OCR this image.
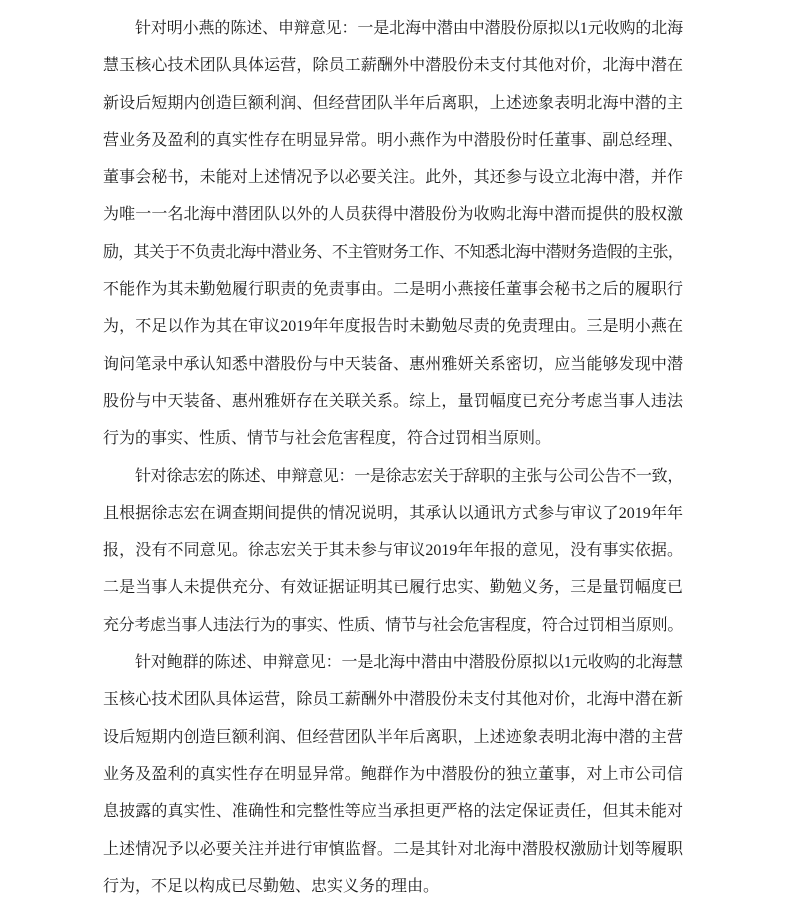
针对明小燕的陈述、申辩意见：一是北海中潜由中潜股份原拟以1元收购的北海
慧玉核心技术团队具体运营，除员工薪酬外中潜股份未支付其他对价，北海中潜在
新设后短期内创造巨额利润、但经营团队半年后离职，上述迹象表明北海中潜的主
营业务及盈利的真实性存在明显异常。明小燕作为中潜股份时任董事、副总经理、
董事会秘书，未能对上述情况予以必要关注。此外，其还参与设立北海中潜，并作
为唯一一名北海中潜团队以外的人员获得中潜股份为收购北海中潜而提供的股权激
励，其关于不负责北海中潜业务、不主管财务工作、不知悉北海中潜财务造假的主张，
不能作为其未勤勉履行职责的免责事由。二是明小燕接任董事会秘书之后的履职行
为，不足以作为其在审议2019年年度报告时未勤勉尽责的免责理由。三是明小燕在
询问笔录中承认知悉中潜股份与中天装备、惠州雅妍关系密切，应当能够发现中潜
股份与中天装备、惠州雅妍存在关联关系。综上，量罚幅度已充分考虑当事人违法
行为的事实、性质、情节与社会危害程度，符合过罚相当原则。
针对徐志宏的陈述、申辩意见：一是徐志宏关于辞职的主张与公司公告不一致，
且根据徐志宏在调查期间提供的情况说明，其承认以通讯方式参与审议了2019年年
报，没有不同意见。徐志宏关于其未参与审议2019年年报的意见，没有事实依据。
二是当事人未提供充分、有效证据证明其已履行忠实、勤勉义务，三是量罚幅度已
充分考虑当事人违法行为的事实、性质、情节与社会危害程度，符合过罚相当原则。
针对鲍群的陈述、申辩意见：一是北海中潜由中潜股份原拟以1元收购的北海慧
玉核心技术团队具体运营，除员工薪酬外中潜股份未支付其他对价，北海中潜在新
设后短期内创造巨额利润、但经营团队半年后离职，上述迹象表明北海中潜的主营
业务及盈利的真实性存在明显异常。鲍群作为中潜股份的独立董事，对上市公司信
息披露的真实性、准确性和完整性等应当承担更严格的法定保证责任，但其未能对
上述情况予以必要关注并进行审慎监督。二是其针对北海中潜股权激励计划等履职
行为，不足以构成已尽勤勉、忠实义务的理由。
